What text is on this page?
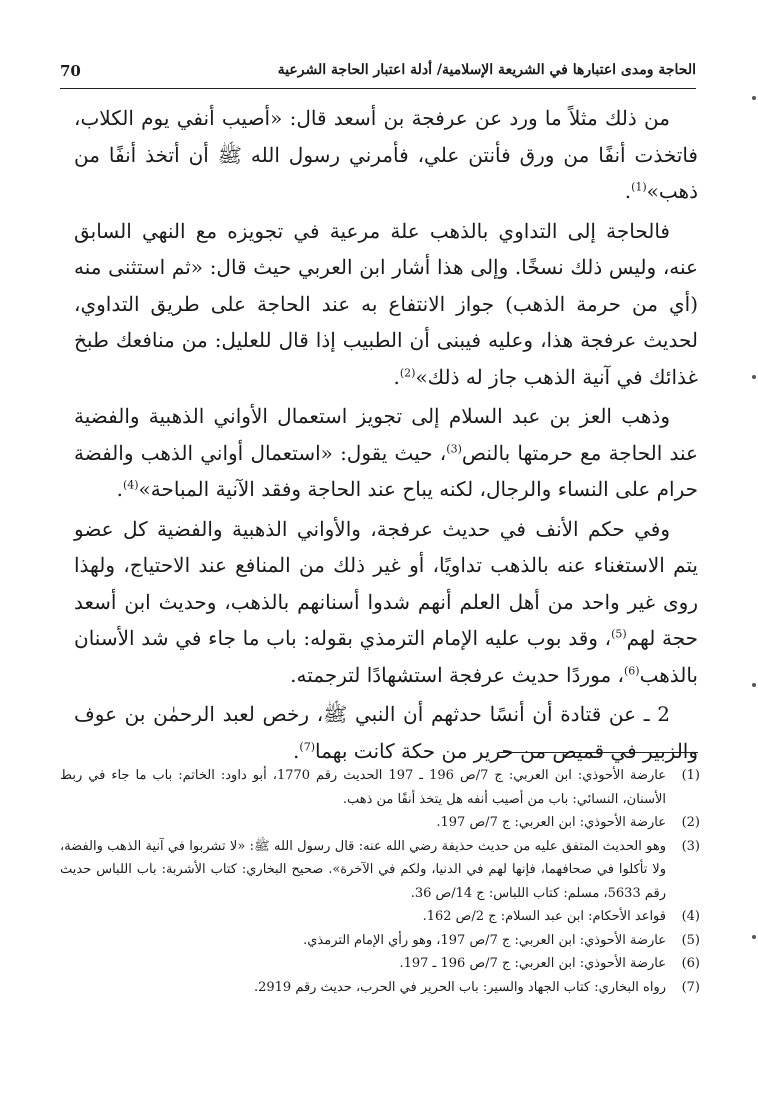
70	الحاجة ومدى اعتبارها في الشريعة الإسلامية/ أدلة اعتبار الحاجة الشرعية

من ذلك مثلاً ما ورد عن عرفجة بن أسعد قال: «أصيب أنفي يوم الكلاب، فاتخذت أنفًا من ورق فأنتن علي، فأمرني رسول الله ﷺ أن أتخذ أنفًا من ذهب»$^{(1)}$.

فالحاجة إلى التداوي بالذهب علة مرعية في تجويزه مع النهي السابق عنه، وليس ذلك نسخًا. وإلى هذا أشار ابن العربي حيث قال: «ثم استثنى منه (أي من حرمة الذهب) جواز الانتفاع به عند الحاجة على طريق التداوي، لحديث عرفجة هذا، وعليه فيبنى أن الطبيب إذا قال للعليل: من منافعك طبخ غذائك في آنية الذهب جاز له ذلك»$^{(2)}$.

وذهب العز بن عبد السلام إلى تجويز استعمال الأواني الذهبية والفضية عند الحاجة مع حرمتها بالنص$^{(3)}$، حيث يقول: «استعمال أواني الذهب والفضة حرام على النساء والرجال، لكنه يباح عند الحاجة وفقد الآنية المباحة»$^{(4)}$.

وفي حكم الأنف في حديث عرفجة، والأواني الذهبية والفضية كل عضو يتم الاستغناء عنه بالذهب تداويًا، أو غير ذلك من المنافع عند الاحتياج، ولهذا روى غير واحد من أهل العلم أنهم شدوا أسنانهم بالذهب، وحديث ابن أسعد حجة لهم$^{(5)}$، وقد بوب عليه الإمام الترمذي بقوله: باب ما جاء في شد الأسنان بالذهب$^{(6)}$، موردًا حديث عرفجة استشهادًا لترجمته.

2 ـ عن قتادة أن أنسًا حدثهم أن النبي ﷺ، رخص لعبد الرحمٰن بن عوف والزبير في قميص من حرير من حكة كانت بهما$^{(7)}$.

(1)
عارضة الأحوذي: ابن العربي: ج 7/ص 196 ـ 197 الحديث رقم 1770، أبو داود: الخاتم: باب ما جاء في ربط الأسنان، النسائي: باب من أصيب أنفه هل يتخذ أنفًا من ذهب.
(2)
عارضة الأحوذي: ابن العربي: ج 7/ص 197.
(3)
وهو الحديث المتفق عليه من حديث حذيفة رضي الله عنه: قال رسول الله ﷺ: «لا تشربوا في آنية الذهب والفضة، ولا تأكلوا في صحافهما، فإنها لهم في الدنيا، ولكم في الآخرة». صحيح البخاري: كتاب الأشربة: باب اللباس حديث رقم 5633، مسلم: كتاب اللباس: ج 14/ص 36.
(4)
قواعد الأحكام: ابن عبد السلام: ج 2/ص 162.
(5)
عارضة الأحوذي: ابن العربي: ج 7/ص 197، وهو رأي الإمام الترمذي.
(6)
عارضة الأحوذي: ابن العربي: ج 7/ص 196 ـ 197.
(7)
رواه البخاري: كتاب الجهاد والسير: باب الحرير في الحرب، حديث رقم 2919.
